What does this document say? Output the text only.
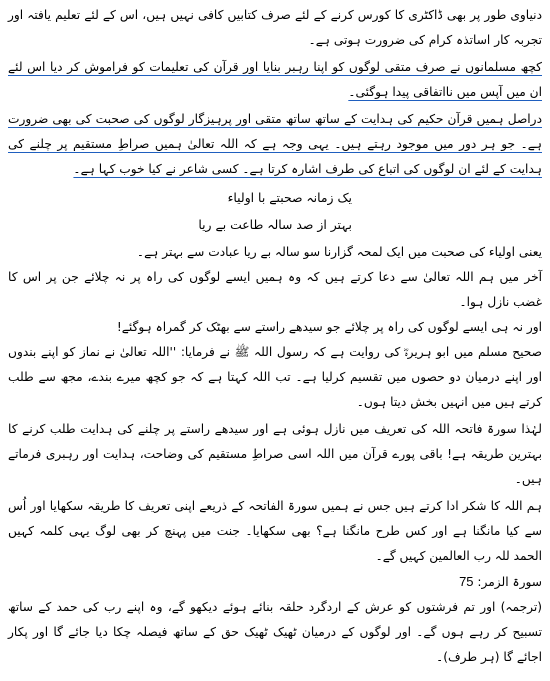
دنیاوی طور پر بھی ڈاکٹری کا کورس کرنے کے لئے صرف کتابیں کافی نہیں ہیں، اس کے لئے تعلیم یافتہ اور تجربہ کار اساتذہ کرام کی ضرورت ہوتی ہے۔

کچھ مسلمانوں نے صرف متقی لوگوں کو اپنا رہبر بنایا اور قرآن کی تعلیمات کو فراموش کر دیا اس لئے ان میں آپس میں نااتفاقی پیدا ہوگئی۔

دراصل ہمیں قرآن حکیم کی ہدایت کے ساتھ ساتھ متقی اور پرہیزگار لوگوں کی صحبت کی بھی ضرورت ہے۔ جو ہر دور میں موجود رہتے ہیں۔ یہی وجہ ہے کہ اللہ تعالیٰ ہمیں صراطِ مستقیم پر چلنے کی ہدایت کے لئے ان لوگوں کی اتباع کی طرف اشارہ کرتا ہے۔ کسی شاعر نے کیا خوب کہا ہے۔

یک زمانہ صحبتے با اولیاء
بہتر از صد سالہ طاعت بے ریا

یعنی اولیاء کی صحبت میں ایک لمحہ گزارنا سو سالہ بے ریا عبادت سے بہتر ہے۔

آخر میں ہم اللہ تعالیٰ سے دعا کرتے ہیں کہ وہ ہمیں ایسے لوگوں کی راہ پر نہ چلائے جن پر اس کا غضب نازل ہوا۔

اور نہ ہی ایسے لوگوں کی راہ پر چلائے جو سیدھے راستے سے بھٹک کر گمراہ ہوگئے!

صحیح مسلم میں ابو ہریرہؓ کی روایت ہے کہ رسول اللہ ﷺ نے فرمایا: ''اللہ تعالیٰ نے نماز کو اپنے بندوں اور اپنے درمیان دو حصوں میں تقسیم کرلیا ہے۔ تب اللہ کہتا ہے کہ جو کچھ میرے بندے، مجھ سے طلب کرتے ہیں میں انہیں بخش دیتا ہوں۔

لہٰذا سورۃ فاتحہ اللہ کی تعریف میں نازل ہوئی ہے اور سیدھے راستے پر چلنے کی ہدایت طلب کرنے کا بہترین طریقہ ہے! باقی پورے قرآن میں اللہ اسی صراطِ مستقیم کی وضاحت، ہدایت اور رہبری فرماتے ہیں۔

ہم اللہ کا شکر ادا کرتے ہیں جس نے ہمیں سورۃ الفاتحہ کے ذریعے اپنی تعریف کا طریقہ سکھایا اور اُس سے کیا مانگنا ہے اور کس طرح مانگنا ہے؟ بھی سکھایا۔ جنت میں پہنچ کر بھی لوگ یہی کلمہ کہیں الحمد للہ رب العالمین کہیں گے۔

سورۃ الزمر: 75

(ترجمہ) اور تم فرشتوں کو عرش کے اردگرد حلقہ بنائے ہوئے دیکھو گے، وہ اپنے رب کی حمد کے ساتھ تسبیح کر رہے ہوں گے۔ اور لوگوں کے درمیان ٹھیک ٹھیک حق کے ساتھ فیصلہ چکا دیا جائے گا اور پکار اجائے گا (ہر طرف)۔
